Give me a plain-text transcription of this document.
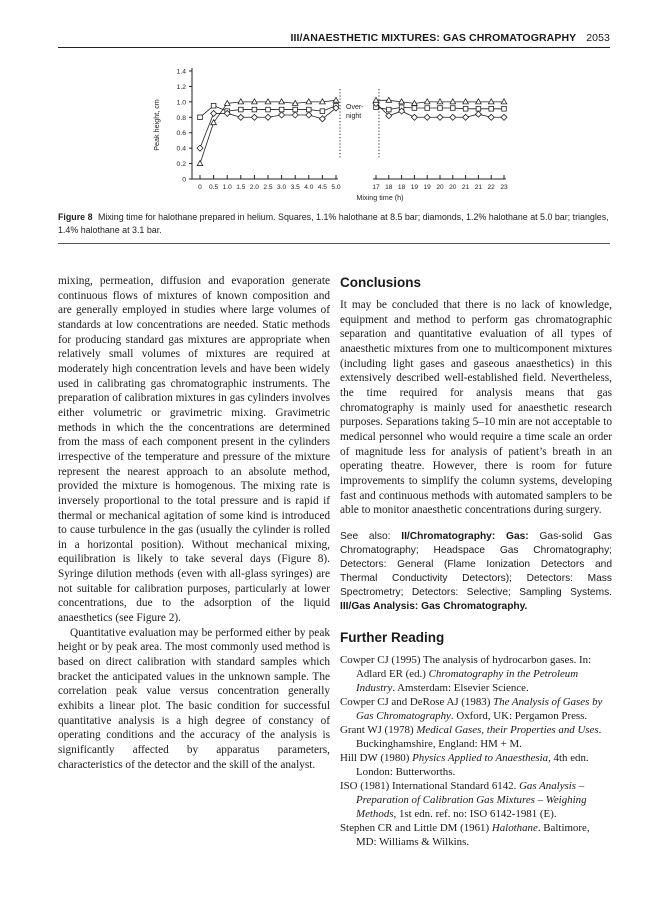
III/ANAESTHETIC MIXTURES: GAS CHROMATOGRAPHY 2053
0
0.2
0.4
0.6
0.8
1.0
1.2
1.4
Peak height, cm
0 0.5 1.0 1.5 2.0 2.5 3.0 3.5 4.0 4.5 5.0	17 18 18 19 19 20 20 21 21 22 23
Mixing time (h)
Over-night
Figure 8 Mixing time for halothane prepared in helium. Squares, 1.1% halothane at 8.5 bar; diamonds, 1.2% halothane at 5.0 bar; triangles, 1.4% halothane at 3.1 bar.

mixing, permeation, diffusion and evaporation generate continuous flows of mixtures of known composition and are generally employed in studies where large volumes of standards at low concentrations are needed. Static methods for producing standard gas mixtures are appropriate when relatively small volumes of mixtures are required at moderately high concentration levels and have been widely used in calibrating gas chromatographic instruments. The preparation of calibration mixtures in gas cylinders involves either volumetric or gravimetric mixing. Gravimetric methods in which the the concentrations are determined from the mass of each component present in the cylinders irrespective of the temperature and pressure of the mixture represent the nearest approach to an absolute method, provided the mixture is homogenous. The mixing rate is inversely proportional to the total pressure and is rapid if thermal or mechanical agitation of some kind is introduced to cause turbulence in the gas (usually the cylinder is rolled in a horizontal position). Without mechanical mixing, equilibration is likely to take several days (Figure 8). Syringe dilution methods (even with all-glass syringes) are not suitable for calibration purposes, particularly at lower concentrations, due to the adsorption of the liquid anaesthetics (see Figure 2).

Quantitative evaluation may be performed either by peak height or by peak area. The most commonly used method is based on direct calibration with standard samples which bracket the anticipated values in the unknown sample. The correlation peak value versus concentration generally exhibits a linear plot. The basic condition for successful quantitative analysis is a high degree of constancy of operating conditions and the accuracy of the analysis is significantly affected by apparatus parameters, characteristics of the detector and the skill of the analyst.

Conclusions

It may be concluded that there is no lack of knowledge, equipment and method to perform gas chromatographic separation and quantitative evaluation of all types of anaesthetic mixtures from one to multicomponent mixtures (including light gases and gaseous anaesthetics) in this extensively described well-established field. Nevertheless, the time required for analysis means that gas chromatography is mainly used for anaesthetic research purposes. Separations taking 5–10 min are not acceptable to medical personnel who would require a time scale an order of magnitude less for analysis of patient’s breath in an operating theatre. However, there is room for future improvements to simplify the column systems, developing fast and continuous methods with automated samplers to be able to monitor anaesthetic concentrations during surgery.

See also: II/Chromatography: Gas: Gas-solid Gas Chromatography; Headspace Gas Chromatography; Detectors: General (Flame Ionization Detectors and Thermal Conductivity Detectors); Detectors: Mass Spectrometry; Detectors: Selective; Sampling Systems. III/Gas Analysis: Gas Chromatography.
Further Reading
Cowper CJ (1995) The analysis of hydrocarbon gases. In: Adlard ER (ed.) Chromatography in the Petroleum Industry. Amsterdam: Elsevier Science.
Cowper CJ and DeRose AJ (1983) The Analysis of Gases by Gas Chromatography. Oxford, UK: Pergamon Press.
Grant WJ (1978) Medical Gases, their Properties and Uses. Buckinghamshire, England: HM + M.
Hill DW (1980) Physics Applied to Anaesthesia, 4th edn. London: Butterworths.
ISO (1981) International Standard 6142. Gas Analysis – Preparation of Calibration Gas Mixtures – Weighing Methods, 1st edn. ref. no: ISO 6142-1981 (E).
Stephen CR and Little DM (1961) Halothane. Baltimore, MD: Williams & Wilkins.
